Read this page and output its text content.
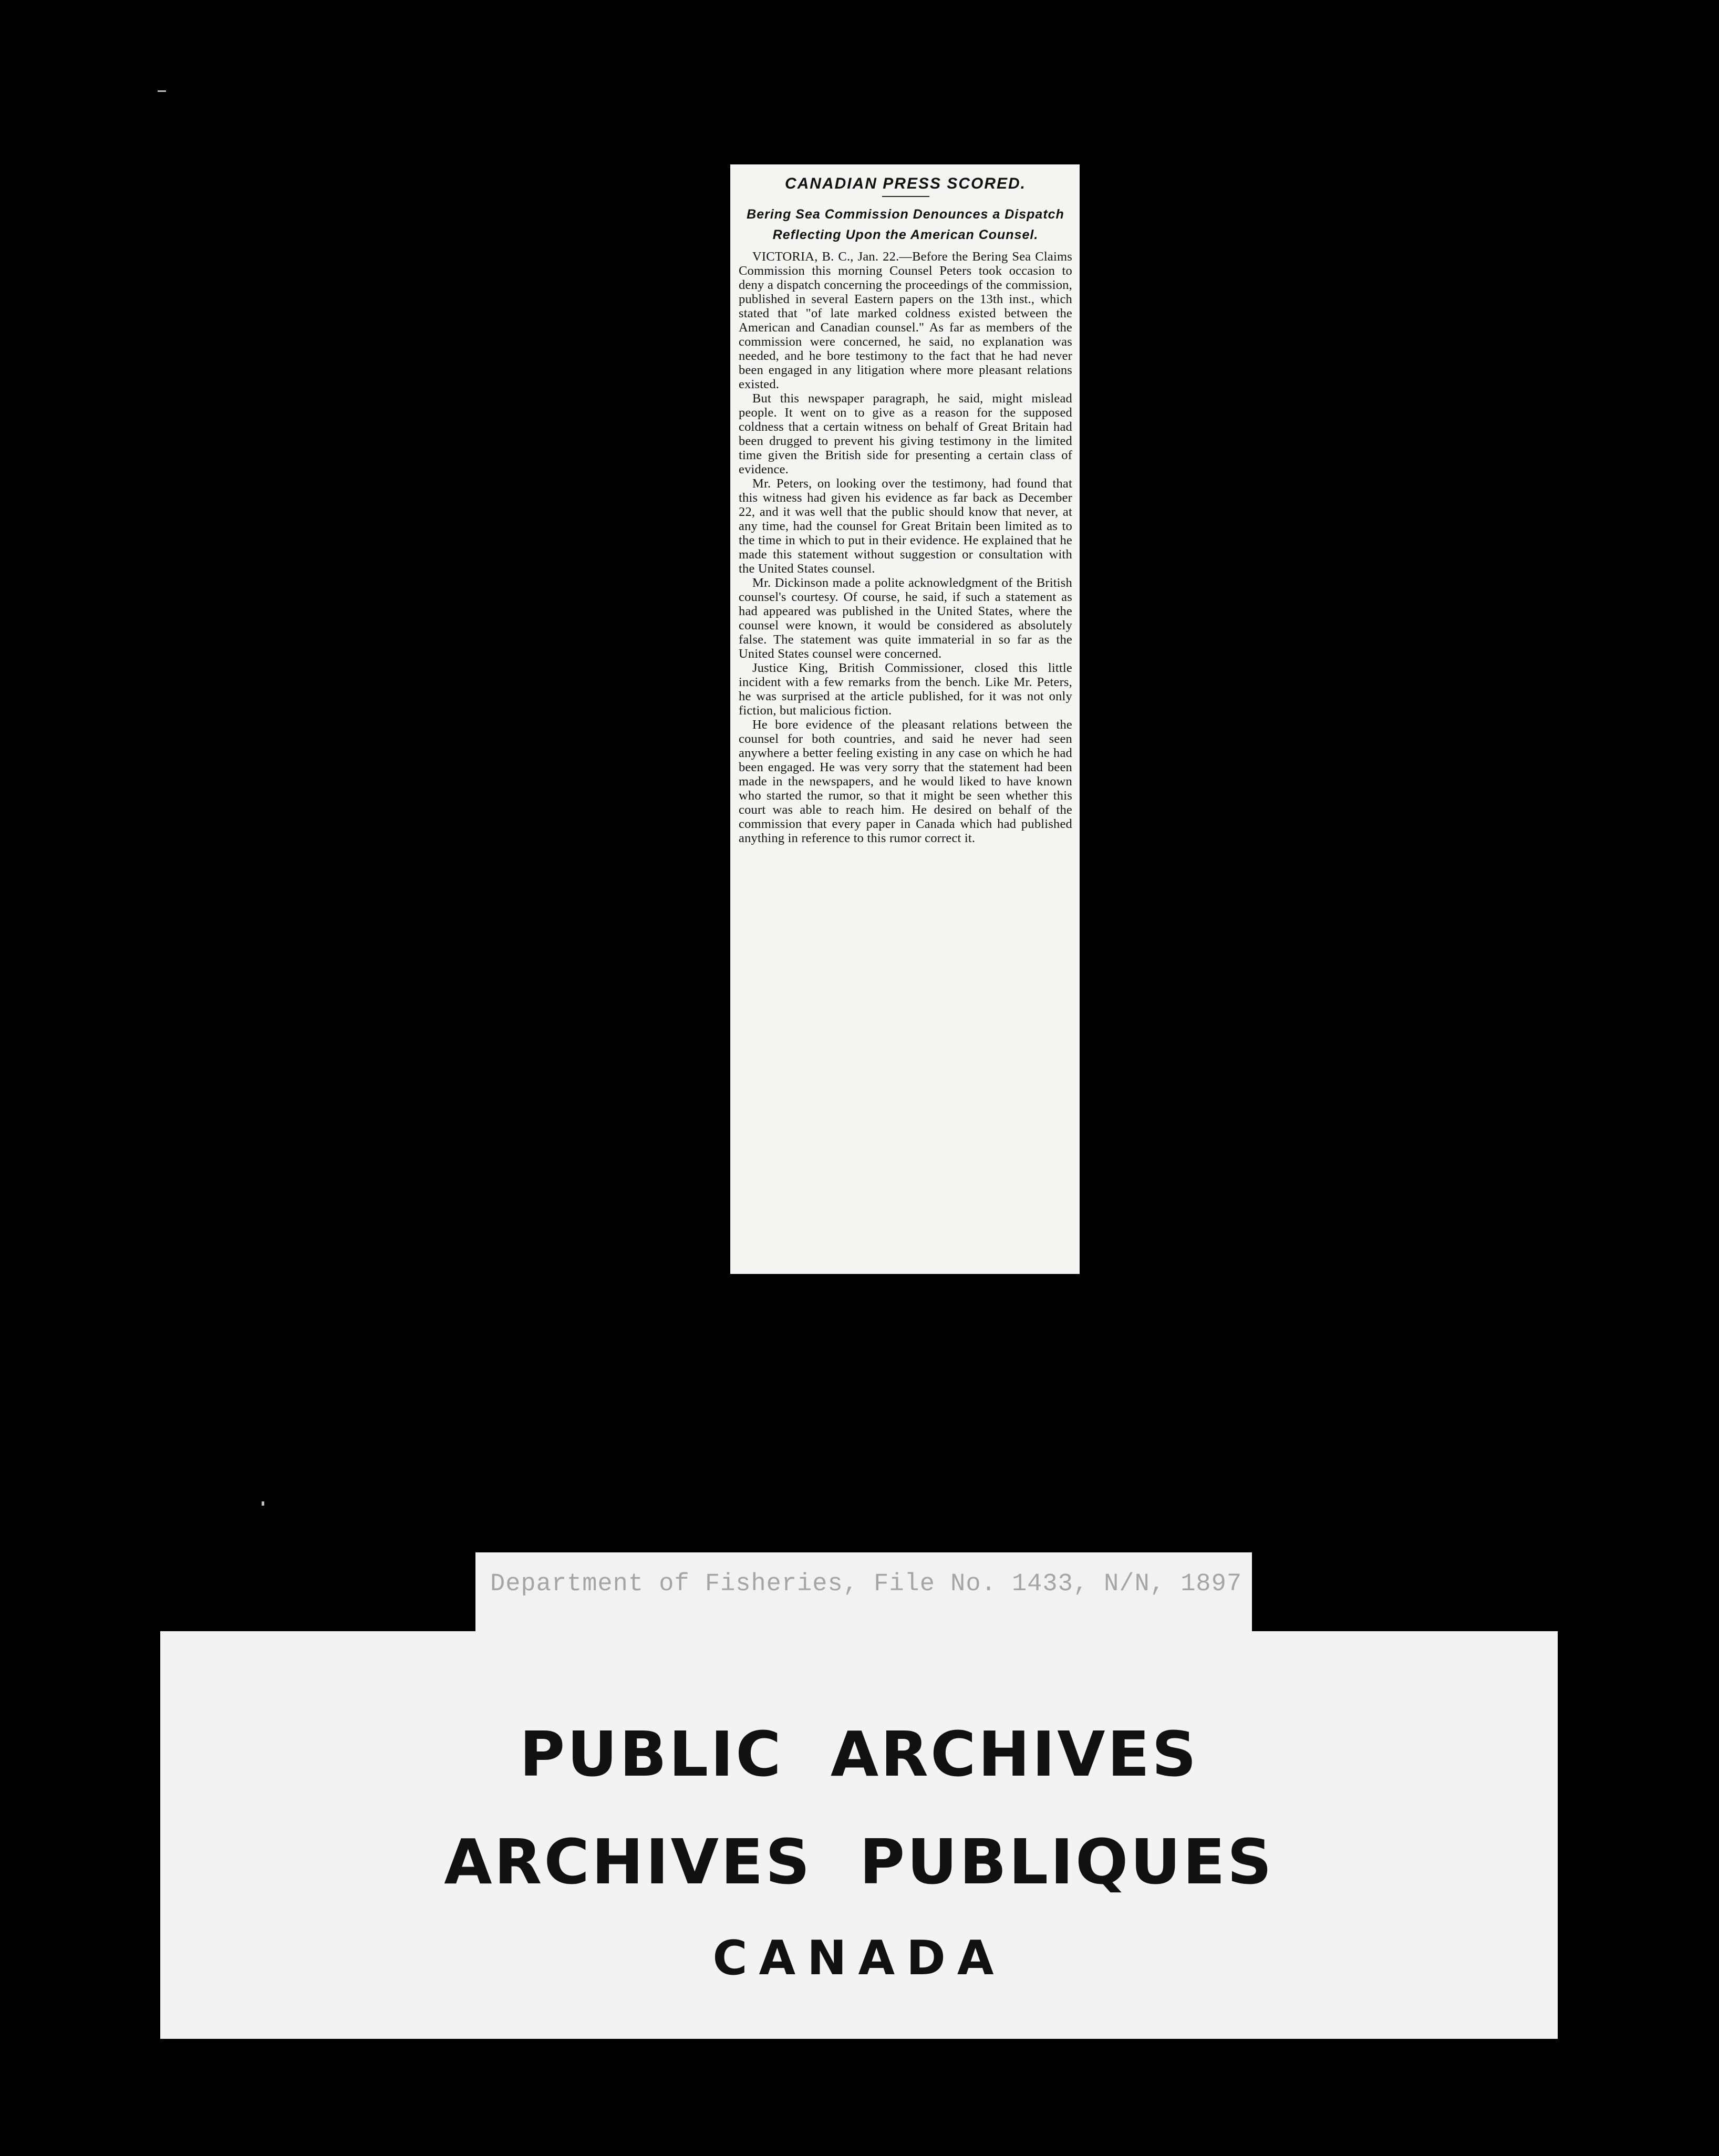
CANADIAN PRESS SCORED.
Bering Sea Commission Denounces a Dispatch Reflecting Upon the American Counsel.

VICTORIA, B. C., Jan. 22.—Before the Bering Sea Claims Commission this morning Counsel Peters took occasion to deny a dispatch concerning the proceedings of the commission, published in several Eastern papers on the 13th inst., which stated that "of late marked coldness existed between the American and Canadian counsel." As far as members of the commission were concerned, he said, no explanation was needed, and he bore testimony to the fact that he had never been engaged in any litigation where more pleasant relations existed.

But this newspaper paragraph, he said, might mislead people. It went on to give as a reason for the supposed coldness that a certain witness on behalf of Great Britain had been drugged to prevent his giving testimony in the limited time given the British side for presenting a certain class of evidence.

Mr. Peters, on looking over the testimony, had found that this witness had given his evidence as far back as December 22, and it was well that the public should know that never, at any time, had the counsel for Great Britain been limited as to the time in which to put in their evidence. He explained that he made this statement without suggestion or consultation with the United States counsel.

Mr. Dickinson made a polite acknowledgment of the British counsel's courtesy. Of course, he said, if such a statement as had appeared was published in the United States, where the counsel were known, it would be considered as absolutely false. The statement was quite immaterial in so far as the United States counsel were concerned.

Justice King, British Commissioner, closed this little incident with a few remarks from the bench. Like Mr. Peters, he was surprised at the article published, for it was not only fiction, but malicious fiction.

He bore evidence of the pleasant relations between the counsel for both countries, and said he never had seen anywhere a better feeling existing in any case on which he had been engaged. He was very sorry that the statement had been made in the newspapers, and he would liked to have known who started the rumor, so that it might be seen whether this court was able to reach him. He desired on behalf of the commission that every paper in Canada which had published anything in reference to this rumor correct it.

Department of Fisheries, File No. 1433, N/N, 1897
PUBLIC  ARCHIVES
ARCHIVES  PUBLIQUES
CANADA
